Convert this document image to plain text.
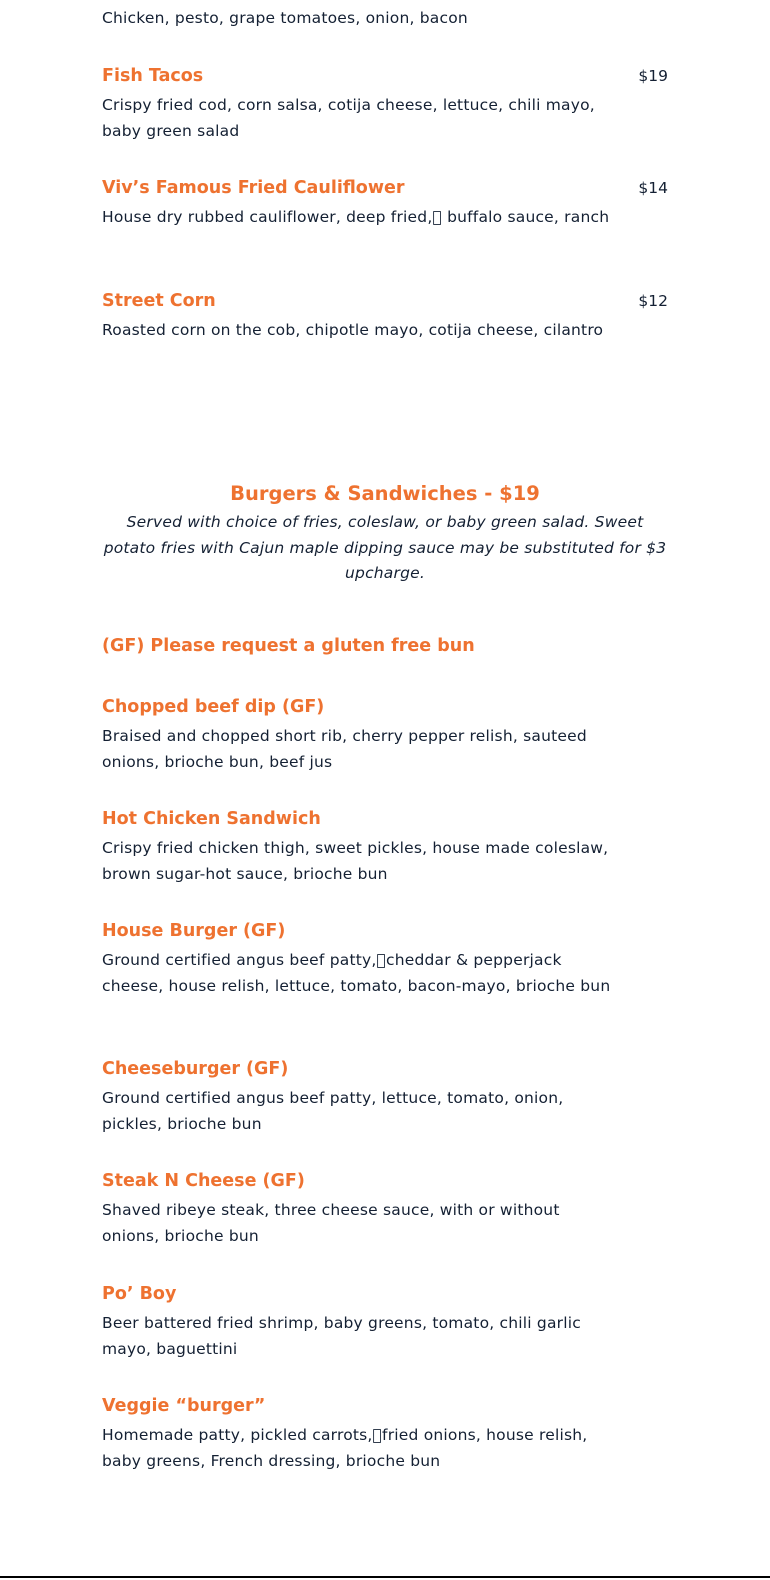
Chicken, pesto, grape tomatoes, onion, bacon
Fish Tacos	$19
Crispy fried cod, corn salsa, cotija cheese, lettuce, chili mayo, baby green salad
Viv’s Famous Fried Cauliflower	$14
House dry rubbed cauliflower, deep fried,  buffalo sauce, ranch
Street Corn	$12
Roasted corn on the cob, chipotle mayo, cotija cheese, cilantro
Burgers & Sandwiches - $19
Served with choice of fries, coleslaw, or baby green salad. Sweet potato fries with Cajun maple dipping sauce may be substituted for $3 upcharge.
(GF) Please request a gluten free bun
Chopped beef dip (GF)
Braised and chopped short rib, cherry pepper relish, sauteed onions, brioche bun, beef jus
Hot Chicken Sandwich
Crispy fried chicken thigh, sweet pickles, house made coleslaw, brown sugar-hot sauce, brioche bun
House Burger (GF)
Ground certified angus beef patty, cheddar & pepperjack cheese, house relish, lettuce, tomato, bacon-mayo, brioche bun
Cheeseburger (GF)
Ground certified angus beef patty, lettuce, tomato, onion, pickles, brioche bun
Steak N Cheese (GF)
Shaved ribeye steak, three cheese sauce, with or without onions, brioche bun
Po’ Boy
Beer battered fried shrimp, baby greens, tomato, chili garlic mayo, baguettini
Veggie “burger”
Homemade patty, pickled carrots, fried onions, house relish, baby greens, French dressing, brioche bun
